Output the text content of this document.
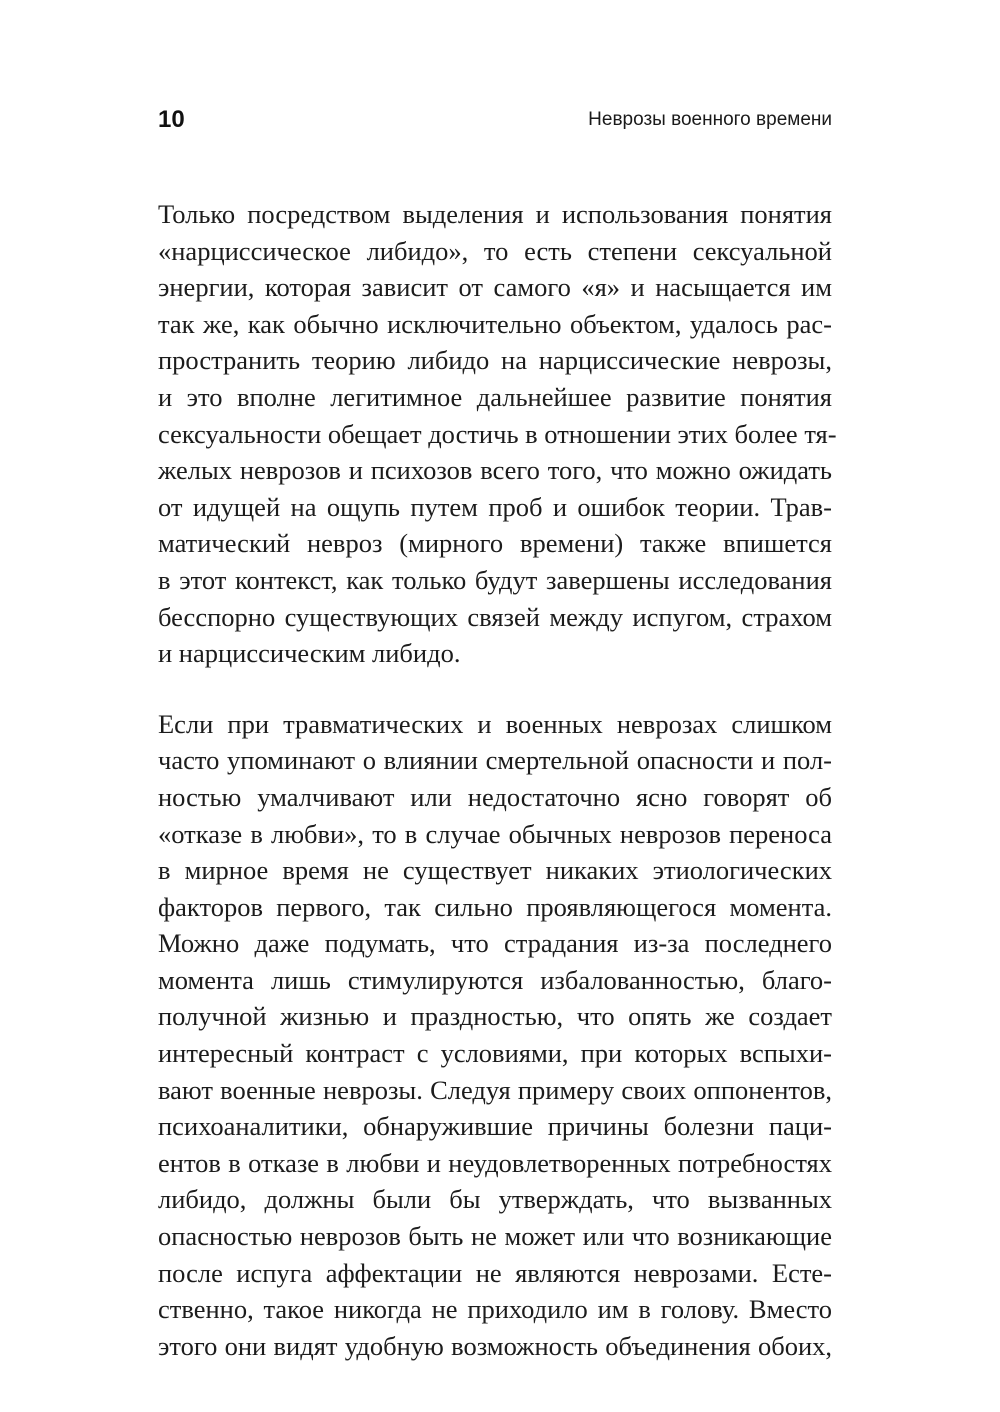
10	Неврозы военного времени
Только посредством выделения и использования понятия
«нарциссическое либидо», то есть степени сексуальной
энергии, которая зависит от самого «я» и насыщается им
так же, как обычно исключительно объектом, удалось рас-
пространить теорию либидо на нарциссические неврозы,
и это вполне легитимное дальнейшее развитие понятия
сексуальности обещает достичь в отношении этих более тя-
желых неврозов и психозов всего того, что можно ожидать
от идущей на ощупь путем проб и ошибок теории. Трав-
матический невроз (мирного времени) также впишется
в этот контекст, как только будут завершены исследования
бесспорно существующих связей между испугом, страхом
и нарциссическим либидо.
Если при травматических и военных неврозах слишком
часто упоминают о влиянии смертельной опасности и пол-
ностью умалчивают или недостаточно ясно говорят об
«отказе в любви», то в случае обычных неврозов переноса
в мирное время не существует никаких этиологических
факторов первого, так сильно проявляющегося момента.
Можно даже подумать, что страдания из-за последнего
момента лишь стимулируются избалованностью, благо-
получной жизнью и праздностью, что опять же создает
интересный контраст с условиями, при которых вспыхи-
вают военные неврозы. Следуя примеру своих оппонентов,
психоаналитики, обнаружившие причины болезни паци-
ентов в отказе в любви и неудовлетворенных потребностях
либидо, должны были бы утверждать, что вызванных
опасностью неврозов быть не может или что возникающие
после испуга аффектации не являются неврозами. Есте-
ственно, такое никогда не приходило им в голову. Вместо
этого они видят удобную возможность объединения обоих,
